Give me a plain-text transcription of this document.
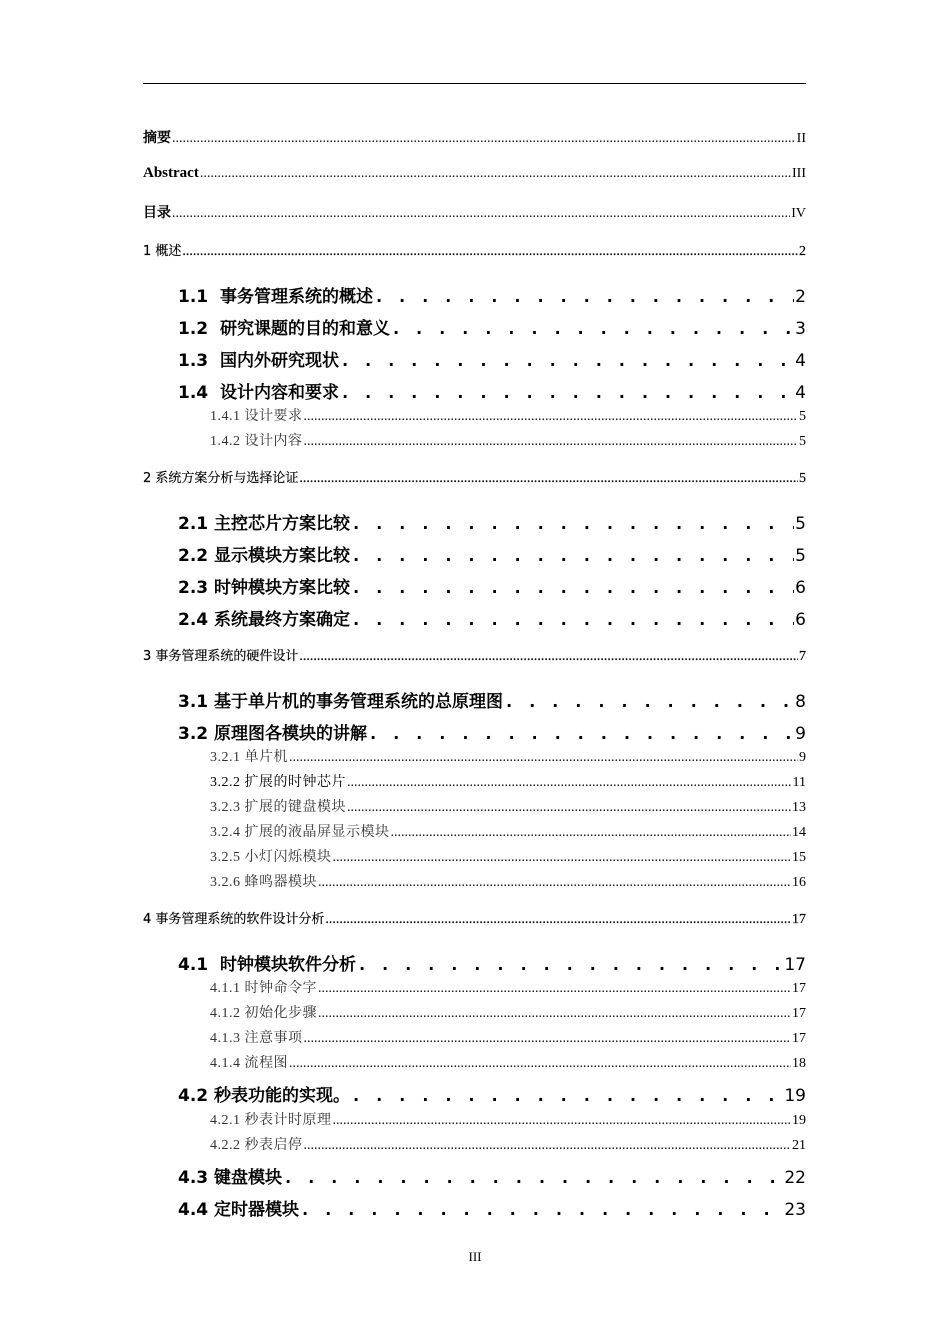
摘要 .....	II
Abstract .....	III
目录 .....	IV
1 概述 .....	2
1.1  事务管理系统的概述 . . .	2
1.2  研究课题的目的和意义 . . .	3
1.3  国内外研究现状 . . .	4
1.4  设计内容和要求 . . .	4
1.4.1 设计要求 .....	5
1.4.2 设计内容 .....	5
2 系统方案分析与选择论证 .....	5
2.1 主控芯片方案比较 . . .	5
2.2 显示模块方案比较 . . .	5
2.3 时钟模块方案比较 . . .	6
2.4 系统最终方案确定 . . .	6
3 事务管理系统的硬件设计 .....	7
3.1 基于单片机的事务管理系统的总原理图 . . .	8
3.2 原理图各模块的讲解 . . .	9
3.2.1 单片机 .....	9
3.2.2 扩展的时钟芯片 .....	11
3.2.3 扩展的键盘模块 .....	13
3.2.4 扩展的液晶屏显示模块 .....	14
3.2.5 小灯闪烁模块 .....	15
3.2.6 蜂鸣器模块 .....	16
4 事务管理系统的软件设计分析 .....	17
4.1  时钟模块软件分析 . . .	17
4.1.1 时钟命令字 .....	17
4.1.2 初始化步骤 .....	17
4.1.3 注意事项 .....	17
4.1.4 流程图 .....	18
4.2 秒表功能的实现。 . . .	19
4.2.1 秒表计时原理 .....	19
4.2.2 秒表启停 .....	21
4.3 键盘模块 . . .	22
4.4 定时器模块 . . .	23
III
